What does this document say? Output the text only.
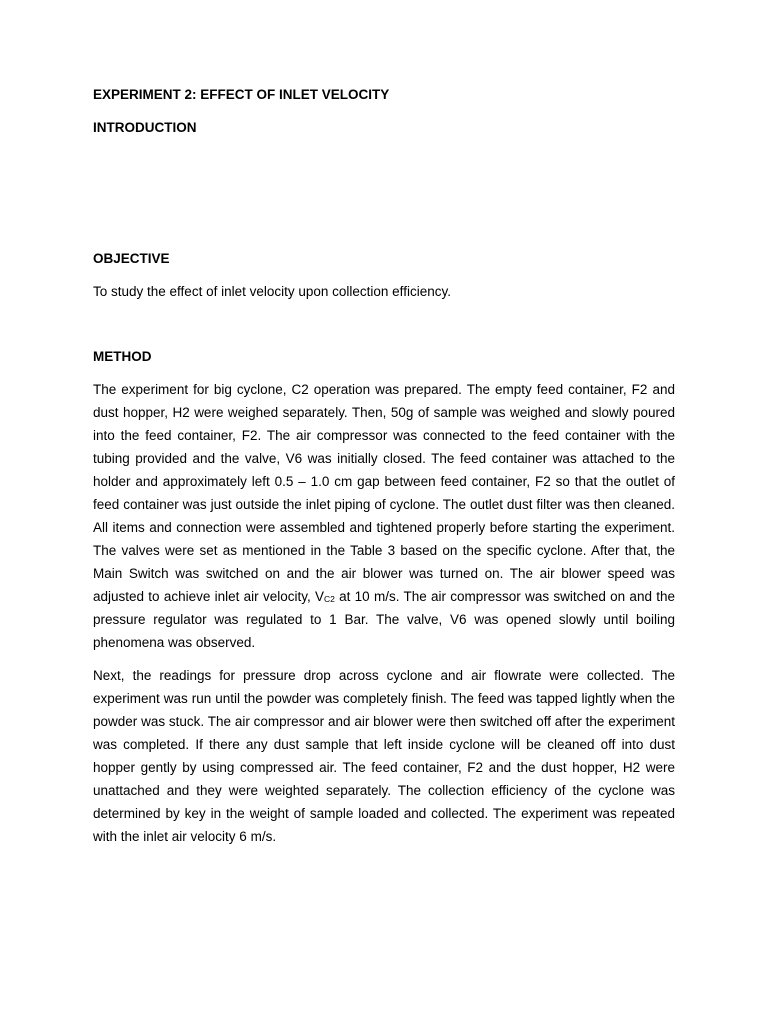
EXPERIMENT 2: EFFECT OF INLET VELOCITY
INTRODUCTION
OBJECTIVE

To study the effect of inlet velocity upon collection efficiency.

METHOD

The experiment for big cyclone, C2 operation was prepared. The empty feed container, F2 and dust hopper, H2 were weighed separately. Then, 50g of sample was weighed and slowly poured into the feed container, F2. The air compressor was connected to the feed container with the tubing provided and the valve, V6 was initially closed. The feed container was attached to the holder and approximately left 0.5 – 1.0 cm gap between feed container, F2 so that the outlet of feed container was just outside the inlet piping of cyclone. The outlet dust filter was then cleaned. All items and connection were assembled and tightened properly before starting the experiment. The valves were set as mentioned in the Table 3 based on the specific cyclone. After that, the Main Switch was switched on and the air blower was turned on. The air blower speed was adjusted to achieve inlet air velocity, VC2 at 10 m/s. The air compressor was switched on and the pressure regulator was regulated to 1 Bar. The valve, V6 was opened slowly until boiling phenomena was observed.

Next, the readings for pressure drop across cyclone and air flowrate were collected. The experiment was run until the powder was completely finish. The feed was tapped lightly when the powder was stuck. The air compressor and air blower were then switched off after the experiment was completed. If there any dust sample that left inside cyclone will be cleaned off into dust hopper gently by using compressed air. The feed container, F2 and the dust hopper, H2 were unattached and they were weighted separately. The collection efficiency of the cyclone was determined by key in the weight of sample loaded and collected. The experiment was repeated with the inlet air velocity 6 m/s.
